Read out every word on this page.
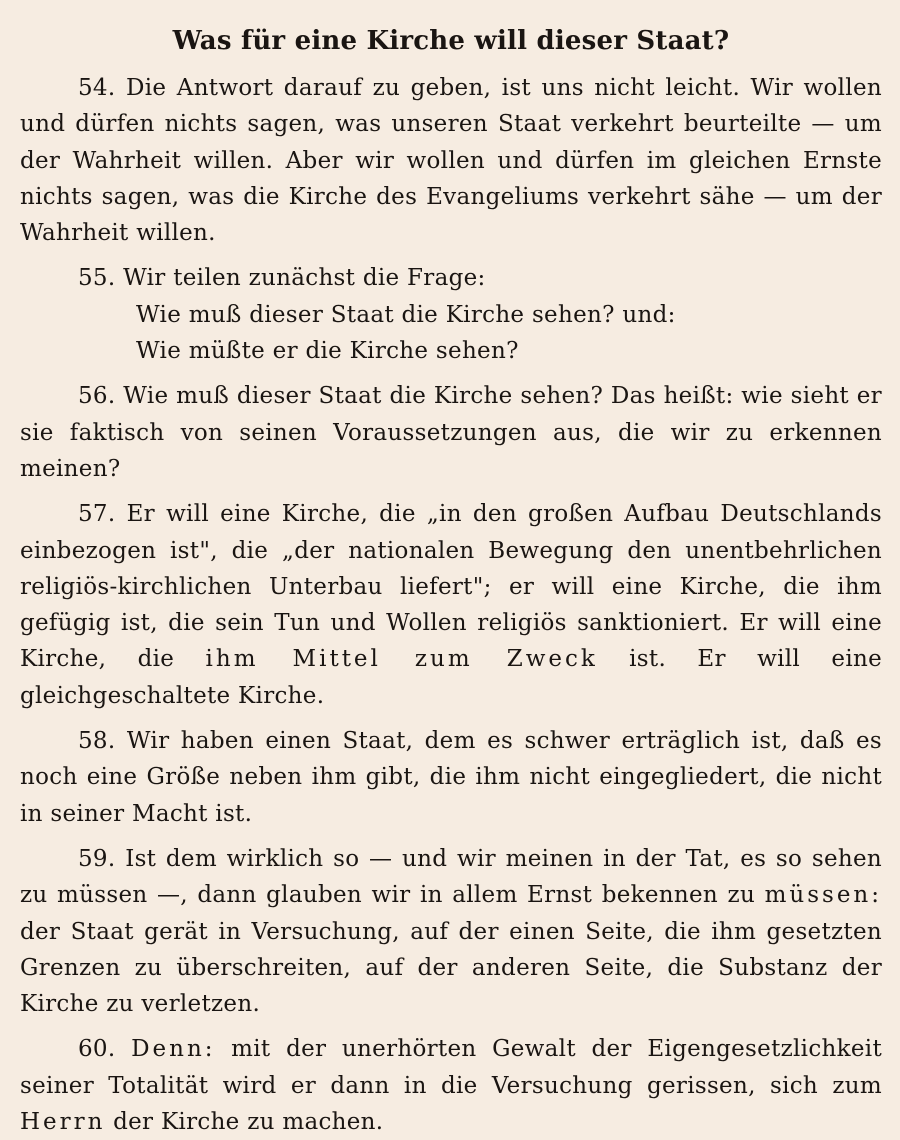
Was für eine Kirche will dieser Staat?

54. Die Antwort darauf zu geben, ist uns nicht leicht. Wir wollen und dürfen nichts sagen, was unseren Staat verkehrt beurteilte — um der Wahrheit willen. Aber wir wollen und dürfen im gleichen Ernste nichts sagen, was die Kirche des Evangeliums verkehrt sähe — um der Wahrheit willen.

55. Wir teilen zunächst die Frage:

Wie muß dieser Staat die Kirche sehen? und:
Wie müßte er die Kirche sehen?

56. Wie muß dieser Staat die Kirche sehen? Das heißt: wie sieht er sie faktisch von seinen Voraussetzungen aus, die wir zu erkennen meinen?

57. Er will eine Kirche, die „in den großen Aufbau Deutschlands einbezogen ist", die „der nationalen Bewegung den unentbehrlichen religiös-kirchlichen Unterbau liefert"; er will eine Kirche, die ihm gefügig ist, die sein Tun und Wollen religiös sanktioniert. Er will eine Kirche, die ihm Mittel zum Zweck ist. Er will eine gleichgeschaltete Kirche.

58. Wir haben einen Staat, dem es schwer erträglich ist, daß es noch eine Größe neben ihm gibt, die ihm nicht eingegliedert, die nicht in seiner Macht ist.

59. Ist dem wirklich so — und wir meinen in der Tat, es so sehen zu müssen —, dann glauben wir in allem Ernst bekennen zu müssen: der Staat gerät in Versuchung, auf der einen Seite, die ihm gesetzten Grenzen zu überschreiten, auf der anderen Seite, die Substanz der Kirche zu verletzen.

60. Denn: mit der unerhörten Gewalt der Eigengesetzlichkeit seiner Totalität wird er dann in die Versuchung gerissen, sich zum Herrn der Kirche zu machen.
